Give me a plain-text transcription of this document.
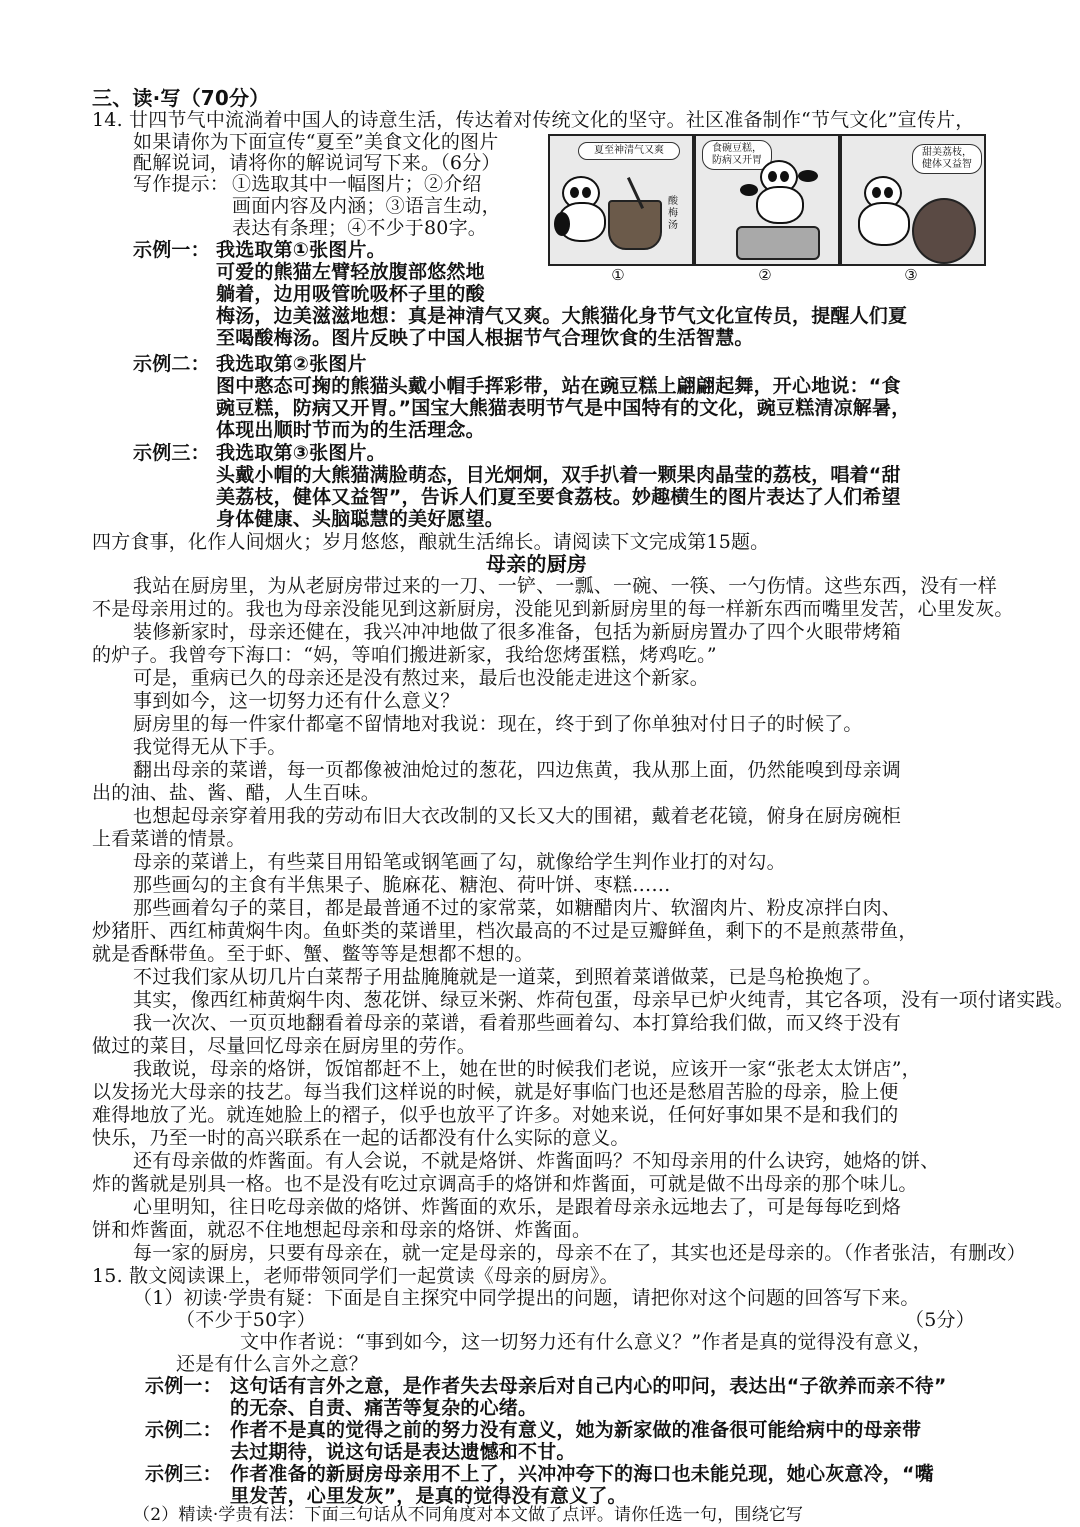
三、读·写（70分）
14. 廿四节气中流淌着中国人的诗意生活，传达着对传统文化的坚守。社区准备制作“节气文化”宣传片，
如果请你为下面宣传“夏至”美食文化的图片
配解说词，请将你的解说词写下来。（6分）
写作提示： ①选取其中一幅图片；②介绍
画面内容及内涵；③语言生动，
表达有条理；④不少于80字。
夏至神清气又爽
酸梅汤
食碗豆糕，防病又开胃
甜美荔枝，健体又益智
①	②	③
示例一： 我选取第①张图片。
可爱的熊猫左臂轻放腹部悠然地
躺着，边用吸管吮吸杯子里的酸
梅汤，边美滋滋地想：真是神清气又爽。大熊猫化身节气文化宣传员，提醒人们夏
至喝酸梅汤。图片反映了中国人根据节气合理饮食的生活智慧。
示例二： 我选取第②张图片
图中憨态可掬的熊猫头戴小帽手挥彩带，站在豌豆糕上翩翩起舞，开心地说：“食
豌豆糕，防病又开胃。”国宝大熊猫表明节气是中国特有的文化，豌豆糕清凉解暑，
体现出顺时节而为的生活理念。
示例三： 我选取第③张图片。
头戴小帽的大熊猫满脸萌态，目光炯炯，双手扒着一颗果肉晶莹的荔枝，唱着“甜
美荔枝，健体又益智”，告诉人们夏至要食荔枝。妙趣横生的图片表达了人们希望
身体健康、头脑聪慧的美好愿望。
四方食事，化作人间烟火；岁月悠悠，酿就生活绵长。请阅读下文完成第15题。
母亲的厨房
我站在厨房里，为从老厨房带过来的一刀、一铲、一瓢、一碗、一筷、一勺伤情。这些东西，没有一样
不是母亲用过的。我也为母亲没能见到这新厨房，没能见到新厨房里的每一样新东西而嘴里发苦，心里发灰。
装修新家时，母亲还健在，我兴冲冲地做了很多准备，包括为新厨房置办了四个火眼带烤箱
的炉子。我曾夸下海口：“妈，等咱们搬进新家，我给您烤蛋糕，烤鸡吃。”
可是，重病已久的母亲还是没有熬过来，最后也没能走进这个新家。
事到如今，这一切努力还有什么意义？
厨房里的每一件家什都毫不留情地对我说：现在，终于到了你单独对付日子的时候了。
我觉得无从下手。
翻出母亲的菜谱，每一页都像被油炝过的葱花，四边焦黄，我从那上面，仍然能嗅到母亲调
出的油、盐、酱、醋，人生百味。
也想起母亲穿着用我的劳动布旧大衣改制的又长又大的围裙，戴着老花镜，俯身在厨房碗柜
上看菜谱的情景。
母亲的菜谱上，有些菜目用铅笔或钢笔画了勾，就像给学生判作业打的对勾。
那些画勾的主食有半焦果子、脆麻花、糖泡、荷叶饼、枣糕……
那些画着勾子的菜目，都是最普通不过的家常菜，如糖醋肉片、软溜肉片、粉皮凉拌白肉、
炒猪肝、西红柿黄焖牛肉。鱼虾类的菜谱里，档次最高的不过是豆瓣鲜鱼，剩下的不是煎蒸带鱼，
就是香酥带鱼。至于虾、蟹、鳖等等是想都不想的。
不过我们家从切几片白菜帮子用盐腌腌就是一道菜，到照着菜谱做菜，已是鸟枪换炮了。
其实，像西红柿黄焖牛肉、葱花饼、绿豆米粥、炸荷包蛋，母亲早已炉火纯青，其它各项，没有一项付诸实践。
我一次次、一页页地翻看着母亲的菜谱，看着那些画着勾、本打算给我们做，而又终于没有
做过的菜目，尽量回忆母亲在厨房里的劳作。
我敢说，母亲的烙饼，饭馆都赶不上，她在世的时候我们老说，应该开一家“张老太太饼店”，
以发扬光大母亲的技艺。每当我们这样说的时候，就是好事临门也还是愁眉苦脸的母亲，脸上便
难得地放了光。就连她脸上的褶子，似乎也放平了许多。对她来说，任何好事如果不是和我们的
快乐，乃至一时的高兴联系在一起的话都没有什么实际的意义。
还有母亲做的炸酱面。有人会说，不就是烙饼、炸酱面吗？不知母亲用的什么诀窍，她烙的饼、
炸的酱就是别具一格。也不是没有吃过京调高手的烙饼和炸酱面，可就是做不出母亲的那个味儿。
心里明知，往日吃母亲做的烙饼、炸酱面的欢乐，是跟着母亲永远地去了，可是每每吃到烙
饼和炸酱面，就忍不住地想起母亲和母亲的烙饼、炸酱面。
每一家的厨房，只要有母亲在，就一定是母亲的，母亲不在了，其实也还是母亲的。（作者张洁，有删改）
15. 散文阅读课上，老师带领同学们一起赏读《母亲的厨房》。
（1）初读·学贵有疑：下面是自主探究中同学提出的问题，请把你对这个问题的回答写下来。
（不少于50字）	（5分）
文中作者说：“事到如今，这一切努力还有什么意义？”作者是真的觉得没有意义，
还是有什么言外之意？
示例一： 这句话有言外之意，是作者失去母亲后对自己内心的叩问，表达出“子欲养而亲不待”
的无奈、自责、痛苦等复杂的心绪。
示例二： 作者不是真的觉得之前的努力没有意义，她为新家做的准备很可能给病中的母亲带
去过期待，说这句话是表达遗憾和不甘。
示例三： 作者准备的新厨房母亲用不上了，兴冲冲夸下的海口也未能兑现，她心灰意冷，“嘴
里发苦，心里发灰”，是真的觉得没有意义了。
（2）精读·学贵有法：下面三句话从不同角度对本文做了点评。请你任选一句，围绕它写
